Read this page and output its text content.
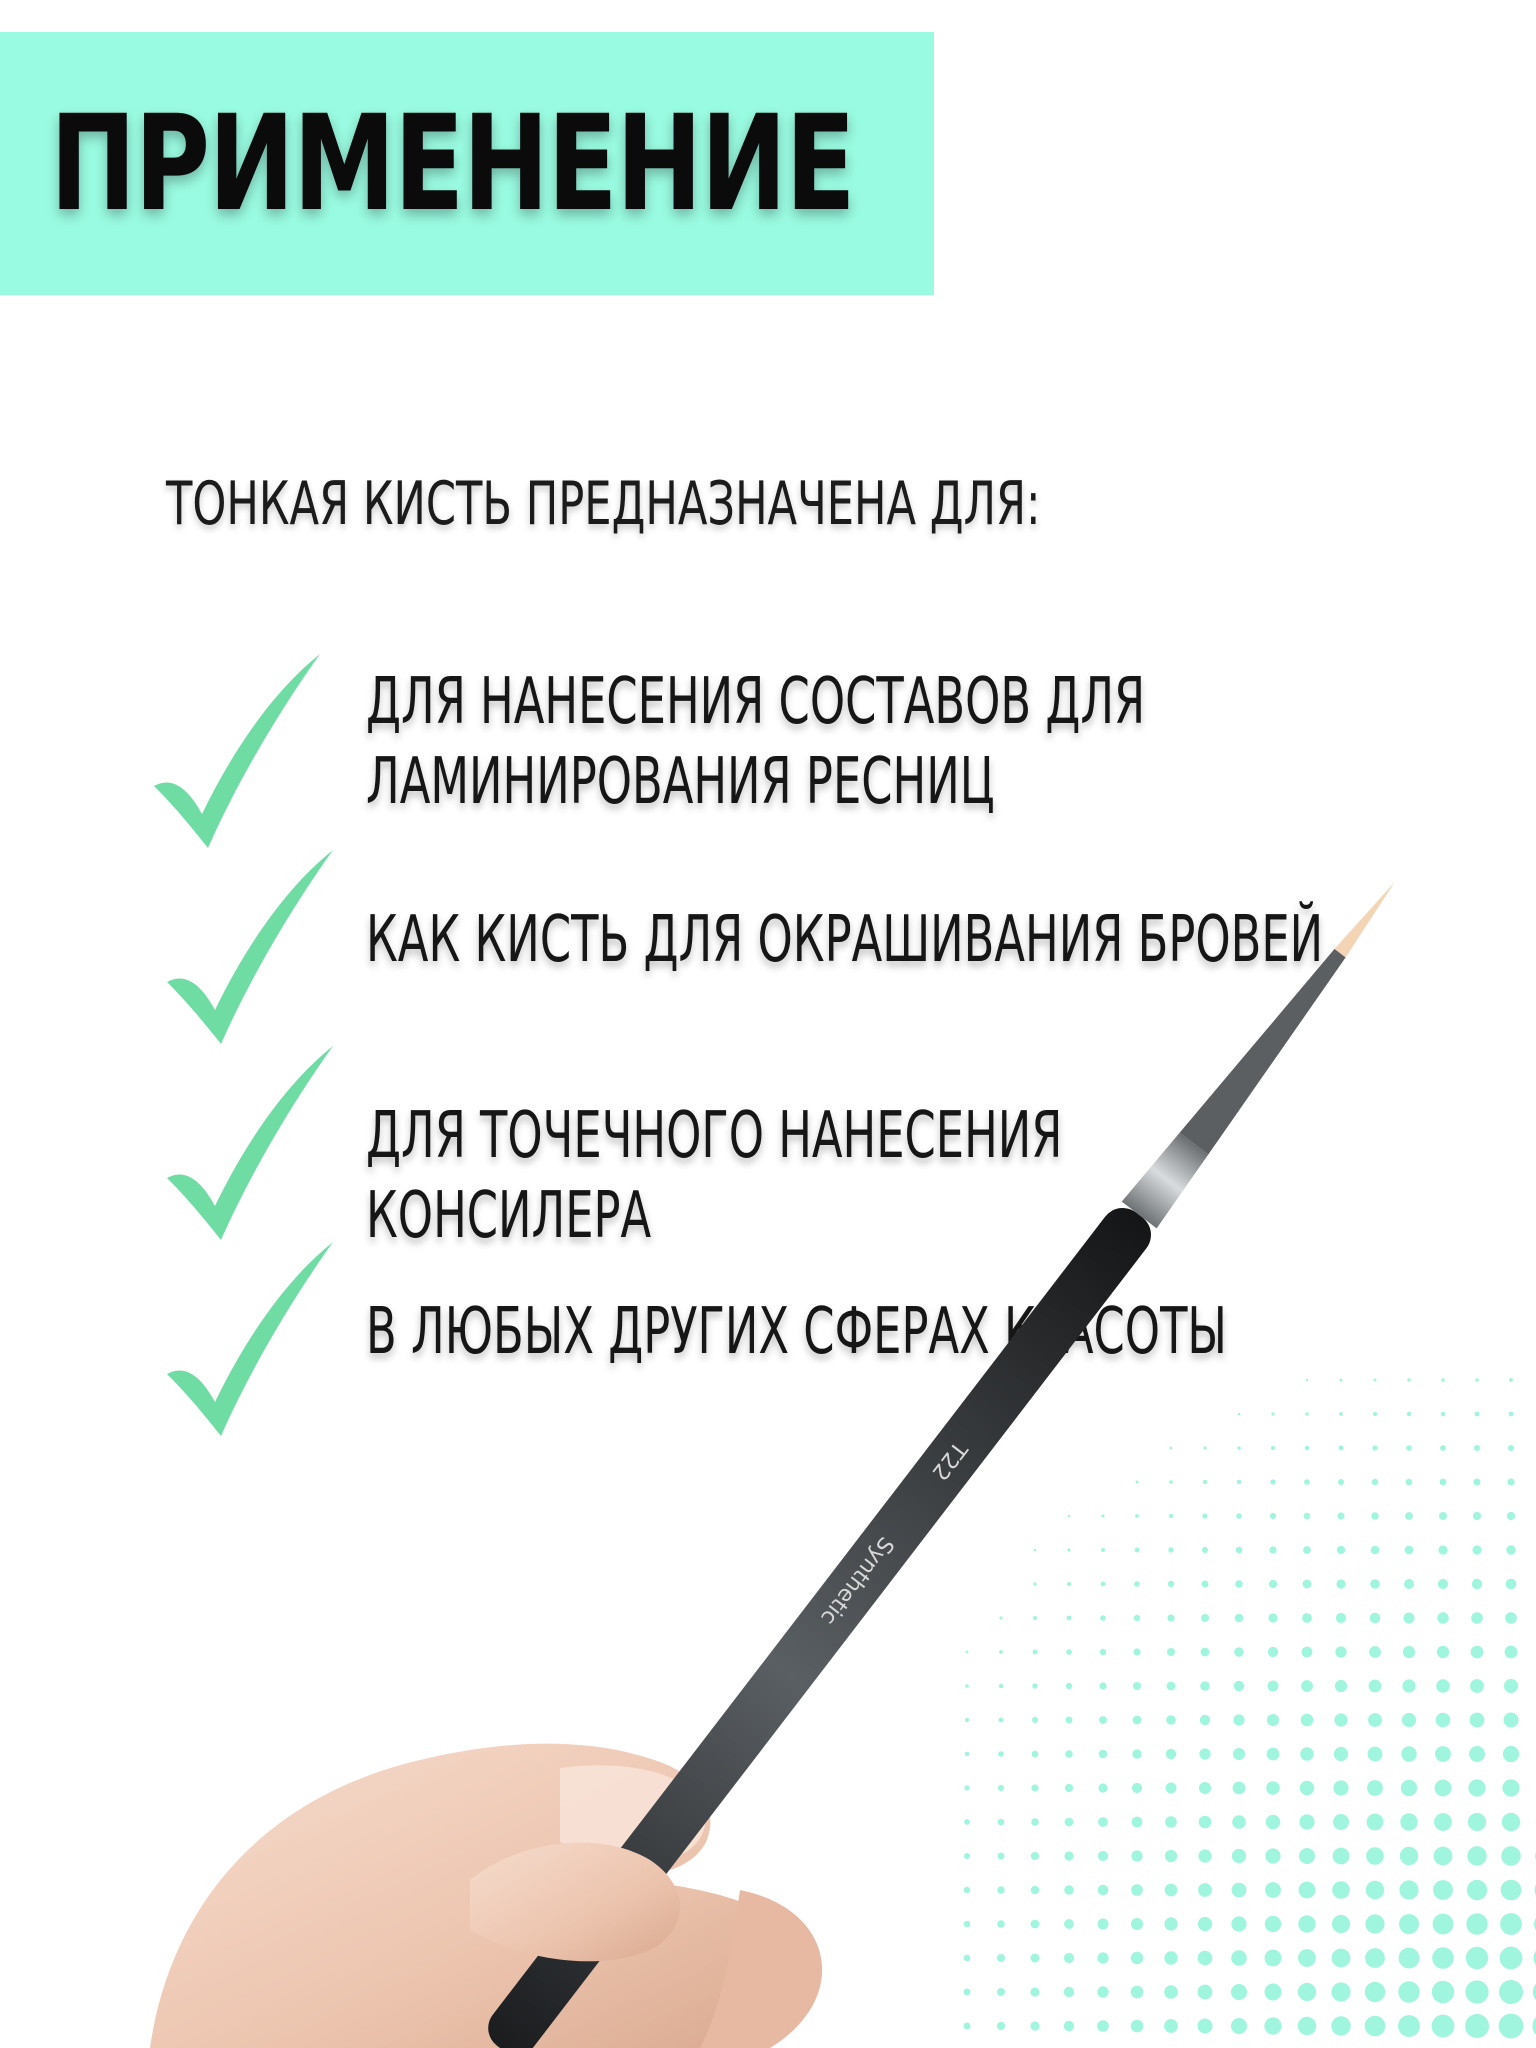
ПРИМЕНЕНИЕ

ТОНКАЯ КИСТЬ ПРЕДНАЗНАЧЕНА ДЛЯ:

ДЛЯ НАНЕСЕНИЯ СОСТАВОВ ДЛЯ
ЛАМИНИРОВАНИЯ РЕСНИЦ

КАК КИСТЬ ДЛЯ ОКРАШИВАНИЯ БРОВЕЙ

ДЛЯ ТОЧЕЧНОГО НАНЕСЕНИЯ КОНСИЛЕРА

В ЛЮБЫХ ДРУГИХ СФЕРАХ КРАСОТЫ

T22
Synthetic
